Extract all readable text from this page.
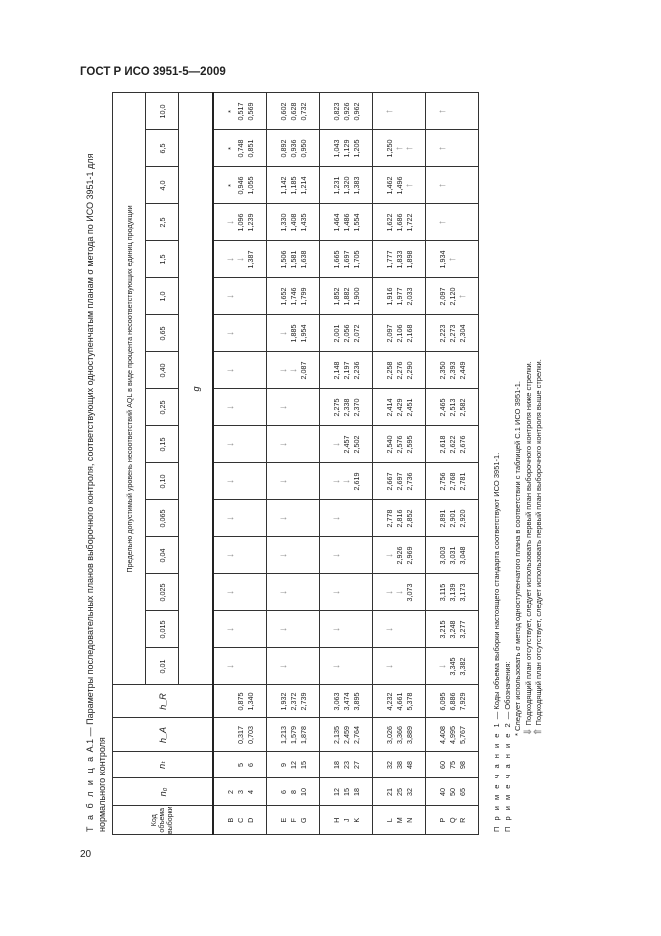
ГОСТ Р ИСО 3951-5—2009
20
Т а б л и ц а А.1 — Параметры последовательных планов выборочного контроля, соответствующих одноступенчатым планам σ метода по ИСО 3951-1 для
нормального контроля	Код объема выборки	n₀	nₜ	h_A	h_R	Предельно допустимый уровень несоответствий AQL в виде процента несоответствующих единиц продукции															
					0,01	0,015	0,025	0,04	0,065	0,10	0,15	0,25	0,40	0,65	1,0	1,5	2,5	4,0	6,5	10,0
					g															

B C D	2 3 4	5 6	0,317 0,703	0,875 1,340	↓	↓	↓	↓	↓	↓	↓	↓	↓	↓	↓	↓ ↓ 1,387	↓ 1,096 1,239	* 0,946 1,055	* 0,748 0,851	* 0,517 0,569

E F G	6 8 10	9 12 15	1,213 1,579 1,878	1,932 2,372 2,739	↓	↓	↓	↓	↓	↓	↓	↓	↓ ↓ 2,087	↓ 1,885 1,954	1,652 1,746 1,799	1,506 1,581 1,638	1,330 1,408 1,435	1,142 1,185 1,214	0,892 0,936 0,950	0,602 0,628 0,732

H J K	12 15 18	18 23 27	2,135 2,459 2,764	3,063 3,474 3,895	↓	↓	↓	↓	↓	↓ ↓ 2,619	↓ 2,457 2,502	2,275 2,338 2,370	2,148 2,197 2,236	2,001 2,056 2,072	1,852 1,882 1,900	1,665 1,697 1,705	1,464 1,486 1,554	1,231 1,320 1,383	1,043 1,129 1,205	0,823 0,926 0,962

L M N	21 25 32	32 38 48	3,026 3,366 3,889	4,232 4,661 5,378	↓	↓	↓ ↓ 3,073	↓ 2,926 2,969	2,778 2,816 2,852	2,667 2,697 2,736	2,540 2,576 2,595	2,414 2,429 2,451	2,258 2,276 2,290	2,097 2,106 2,168	1,916 1,977 2,033	1,777 1,833 1,898	1,622 1,686 1,722	1,462 1,496 ↑	1,250 ↑ ↑	↑

P Q R	40 50 65	60 75 98	4,408 4,995 5,767	6,095 6,886 7,929	↓ 3,345 3,382	3,215 3,248 3,277	3,115 3,139 3,173	3,003 3,031 3,048	2,891 2,901 2,920	2,756 2,768 2,781	2,618 2,622 2,676	2,465 2,513 2,582	2,350 2,393 2,449	2,223 2,273 2,304	2,097 2,120 ↑	1,934 ↑	↑	↑	↑	↑
П р и м е ч а н и е 1 — Коды объема выборки настоящего стандарта соответствуют ИСО 3951-1.
П р и м е ч а н и е 2 — Обозначения: * Следует использовать σ метод одноступенчатого плана в соответствии с таблицей С.1 ИСО 3951-1. ⇓ Подходящий план отсутствует, следует использовать первый план выборочного контроля ниже стрелки.
⇑ Подходящий план отсутствует, следует использовать первый план выборочного контроля выше стрелки.
